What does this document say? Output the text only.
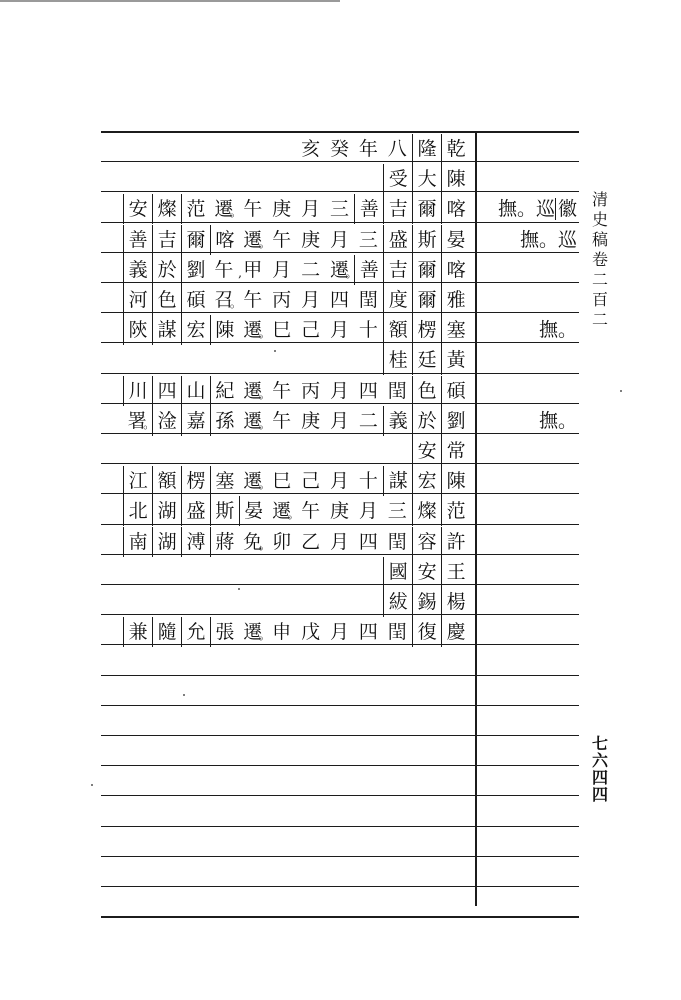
清史稿卷二百二
七六四四
亥 癸 年 八 隆 乾
受 大 陳
安 燦 范 遷
。 午 庚 月 三 善 吉 爾 喀
善 吉 爾 喀 遷
。 午 庚 月 三 盛 斯 晏
義 於 劉 午 , 甲 月 二 遷
。 善 吉 爾 喀
河 色 碩 召
。 午 丙 月 四 閏 度 爾 雅
陝 謀 宏 陳 遷
。 巳 己 月 十 額 楞 塞
桂 廷 黃
川 四 山 紀 遷
。 午 丙 月 四 閏 色 碩
署
。 淦 嘉 孫 遷
。 午 庚 月 二 義 於 劉
安 常
江 額 楞 塞 遷
。 巳 己 月 十 謀 宏 陳
北 湖 盛 斯 晏 遷
。 午 庚 月 三 燦 范
南 湖 溥 蔣 免
。 卯 乙 月 四 閏 容 許
國 安 王
紱 錫 楊
兼 隨 允 張 遷
。 申 戊 月 四 閏 復 慶
撫。巡 徽
撫。巡
撫。
撫。
